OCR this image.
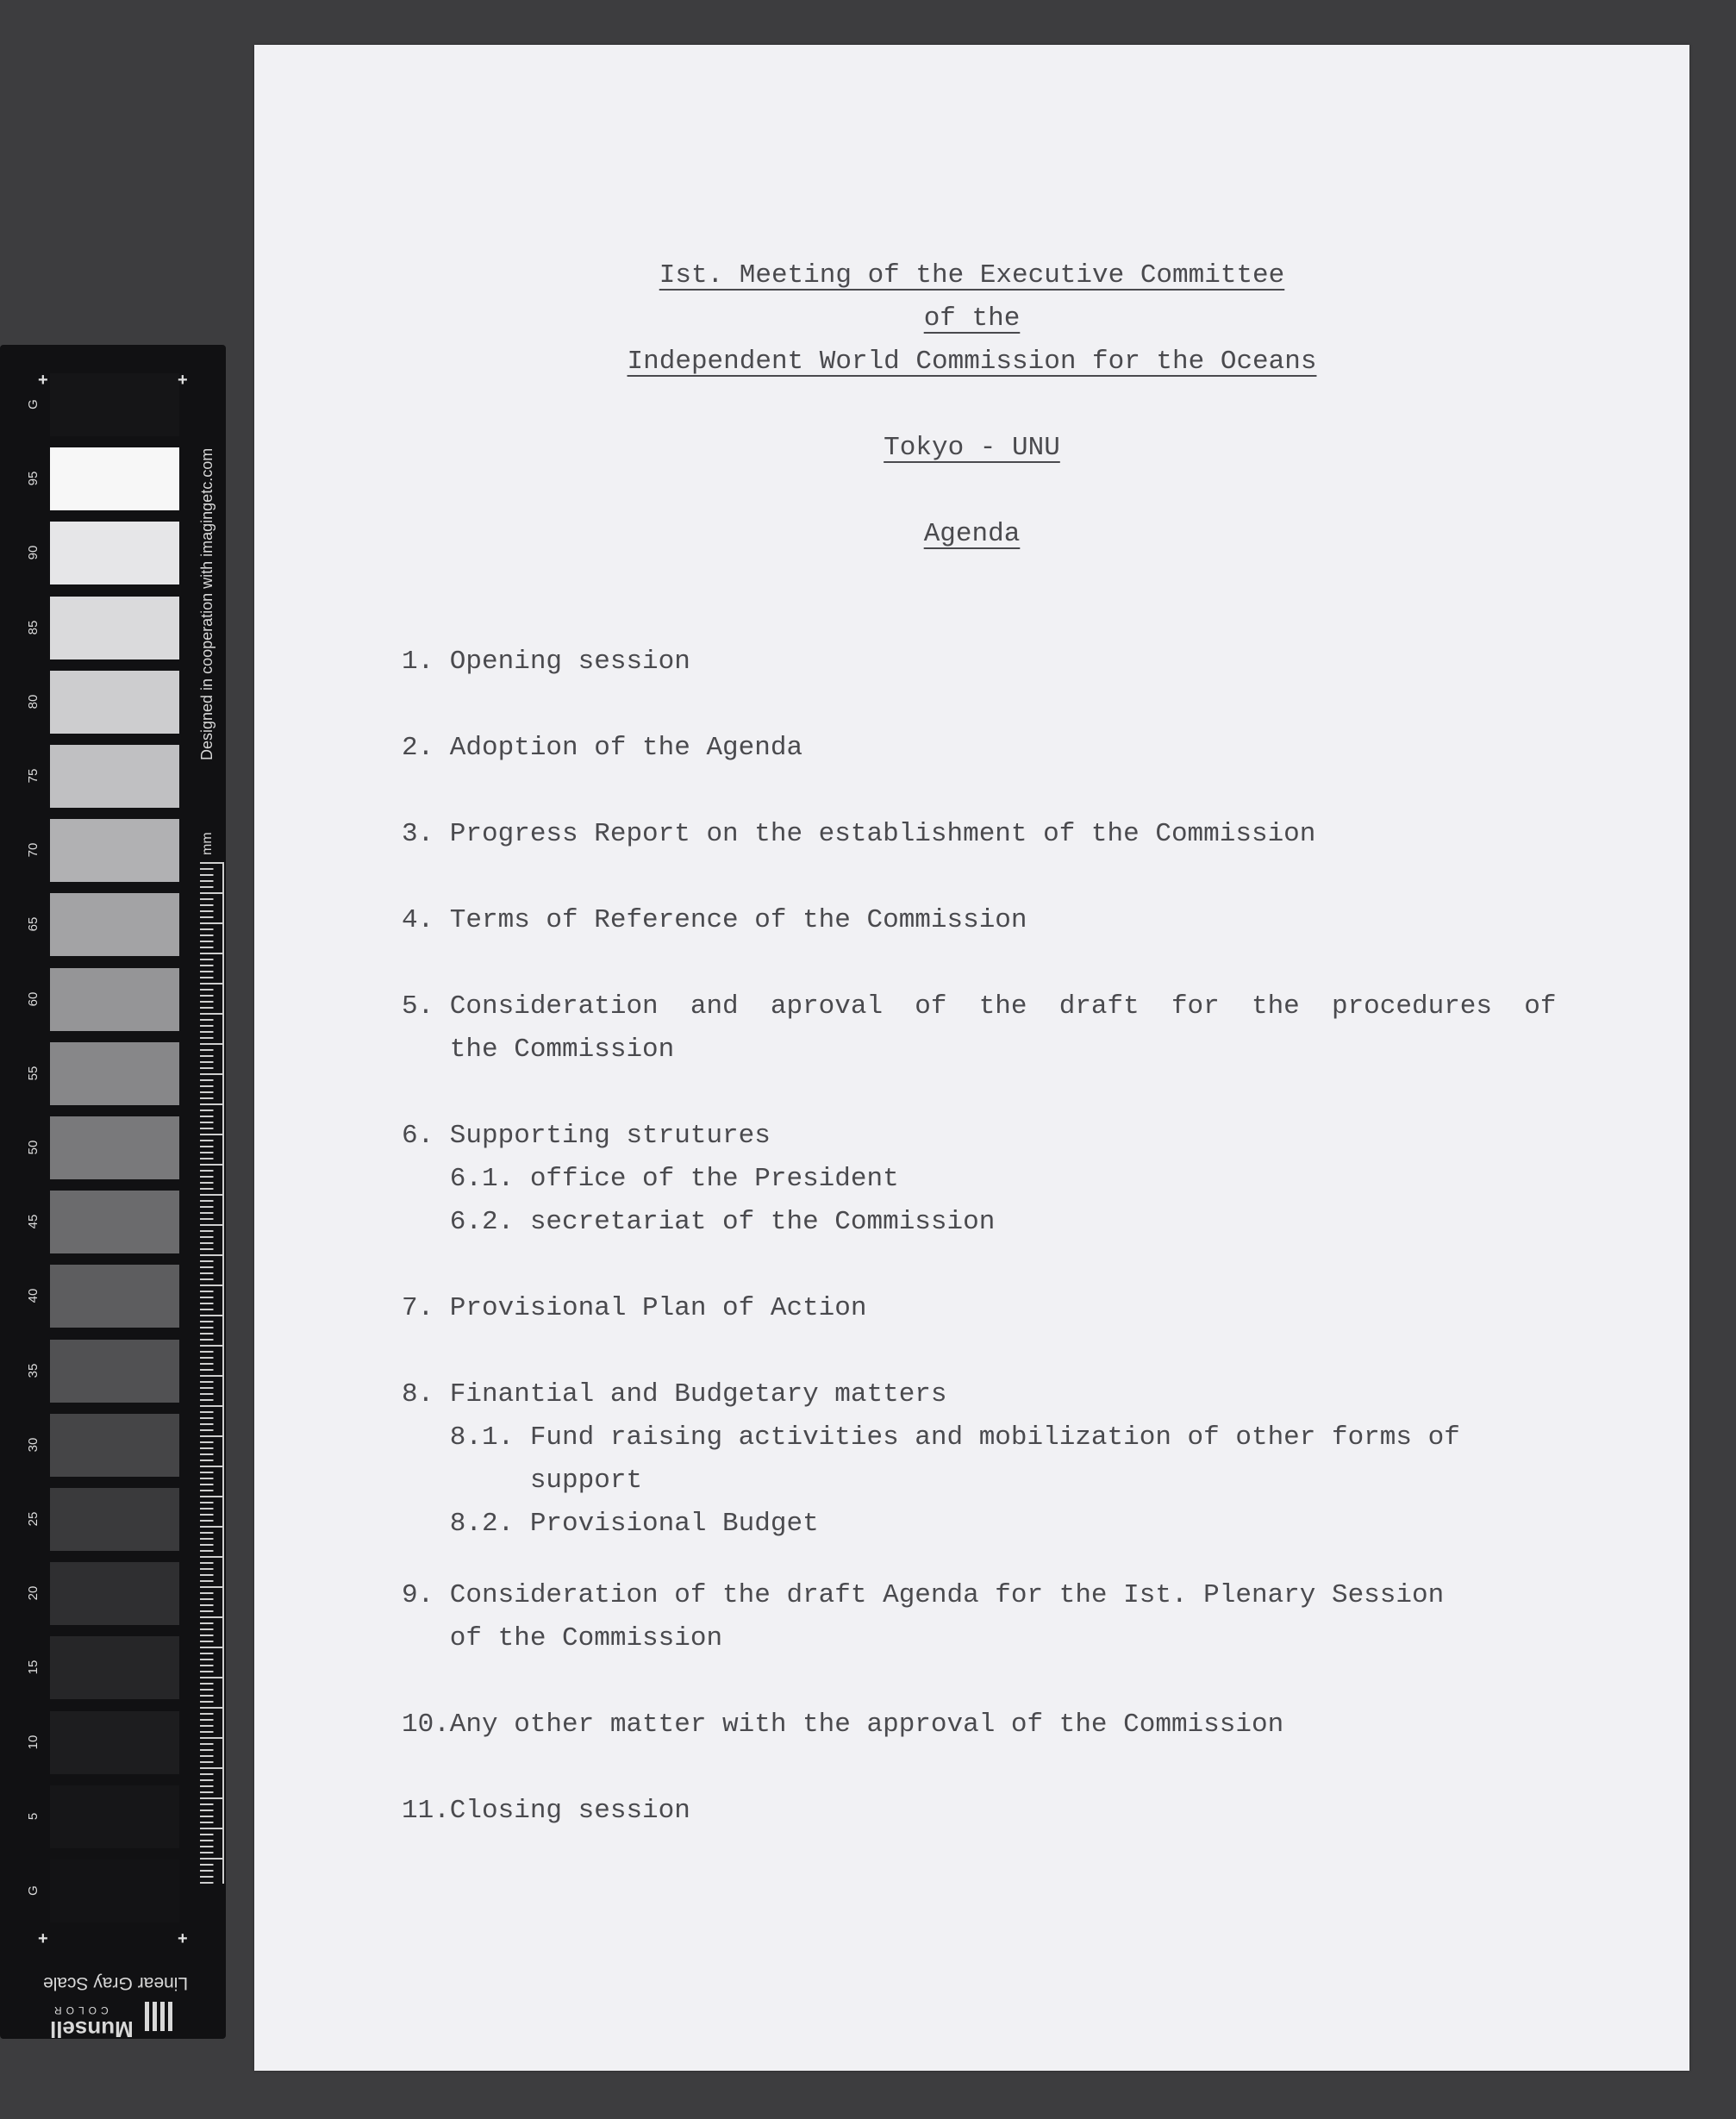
G
95
90
85
80
75
70
65
60
55
50
45
40
35
30
25
20
15
10
5
G
+	+
+	+
Designed in cooperation with imagingetc.com
mm
Linear Gray Scale
COLOR
Munsell
Ist. Meeting of the Executive Committee
of the
Independent World Commission for the Oceans
Tokyo - UNU
Agenda
1. Opening session
2. Adoption of the Agenda
3. Progress Report on the establishment of the Commission
4. Terms of Reference of the Commission
5. Consideration  and  aproval  of  the  draft  for  the  procedures  of
the Commission
6. Supporting strutures
6.1. office of the President
6.2. secretariat of the Commission
7. Provisional Plan of Action
8. Finantial and Budgetary matters
8.1. Fund raising activities and mobilization of other forms of
support
8.2. Provisional Budget
9. Consideration of the draft Agenda for the Ist. Plenary Session
of the Commission
10.Any other matter with the approval of the Commission
11.Closing session
